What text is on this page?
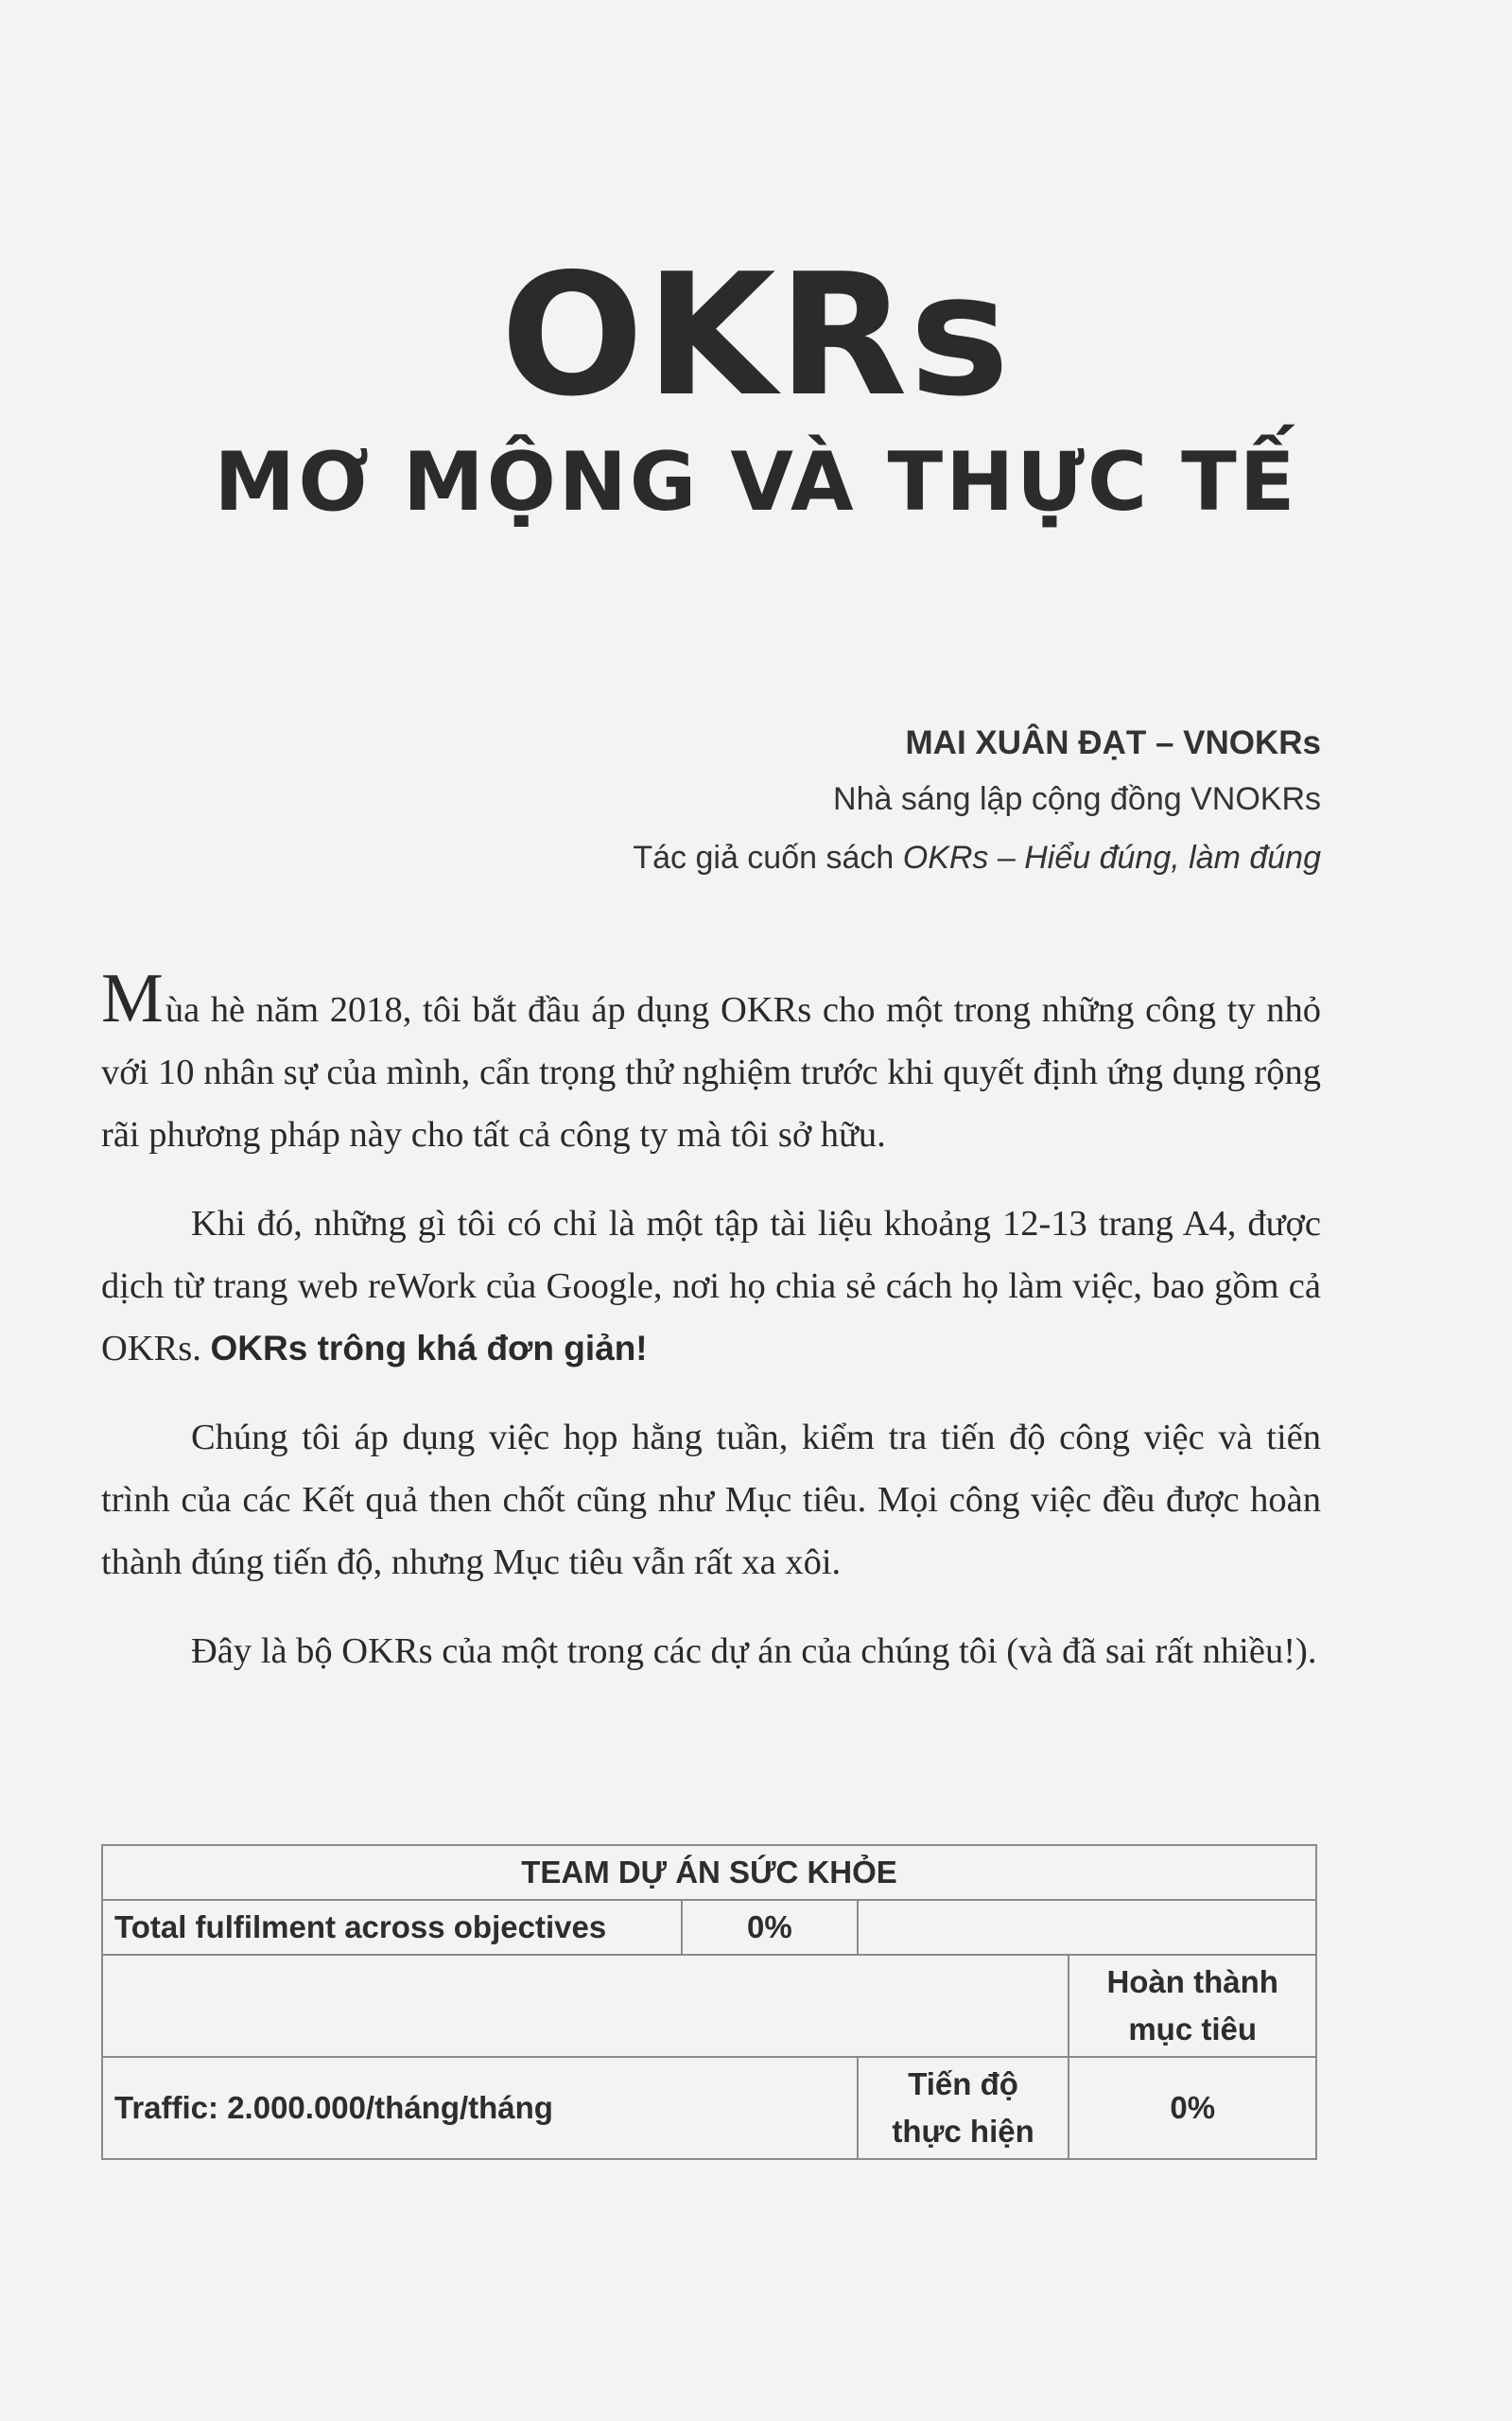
OKRs
MƠ MỘNG VÀ THỰC TẾ
MAI XUÂN ĐẠT – VNOKRs
Nhà sáng lập cộng đồng VNOKRs
Tác giả cuốn sách OKRs – Hiểu đúng, làm đúng

Mùa hè năm 2018, tôi bắt đầu áp dụng OKRs cho một trong những công ty nhỏ với 10 nhân sự của mình, cẩn trọng thử nghiệm trước khi quyết định ứng dụng rộng rãi phương pháp này cho tất cả công ty mà tôi sở hữu.

Khi đó, những gì tôi có chỉ là một tập tài liệu khoảng 12-13 trang A4, được dịch từ trang web reWork của Google, nơi họ chia sẻ cách họ làm việc, bao gồm cả OKRs. OKRs trông khá đơn giản!

Chúng tôi áp dụng việc họp hằng tuần, kiểm tra tiến độ công việc và tiến trình của các Kết quả then chốt cũng như Mục tiêu. Mọi công việc đều được hoàn thành đúng tiến độ, nhưng Mục tiêu vẫn rất xa xôi.

Đây là bộ OKRs của một trong các dự án của chúng tôi (và đã sai rất nhiều!).

TEAM DỰ ÁN SỨC KHỎE			
Total fulfilment across objectives	0%		
			Hoàn thành mục tiêu
Traffic: 2.000.000/tháng/tháng		Tiến độ thực hiện	0%
